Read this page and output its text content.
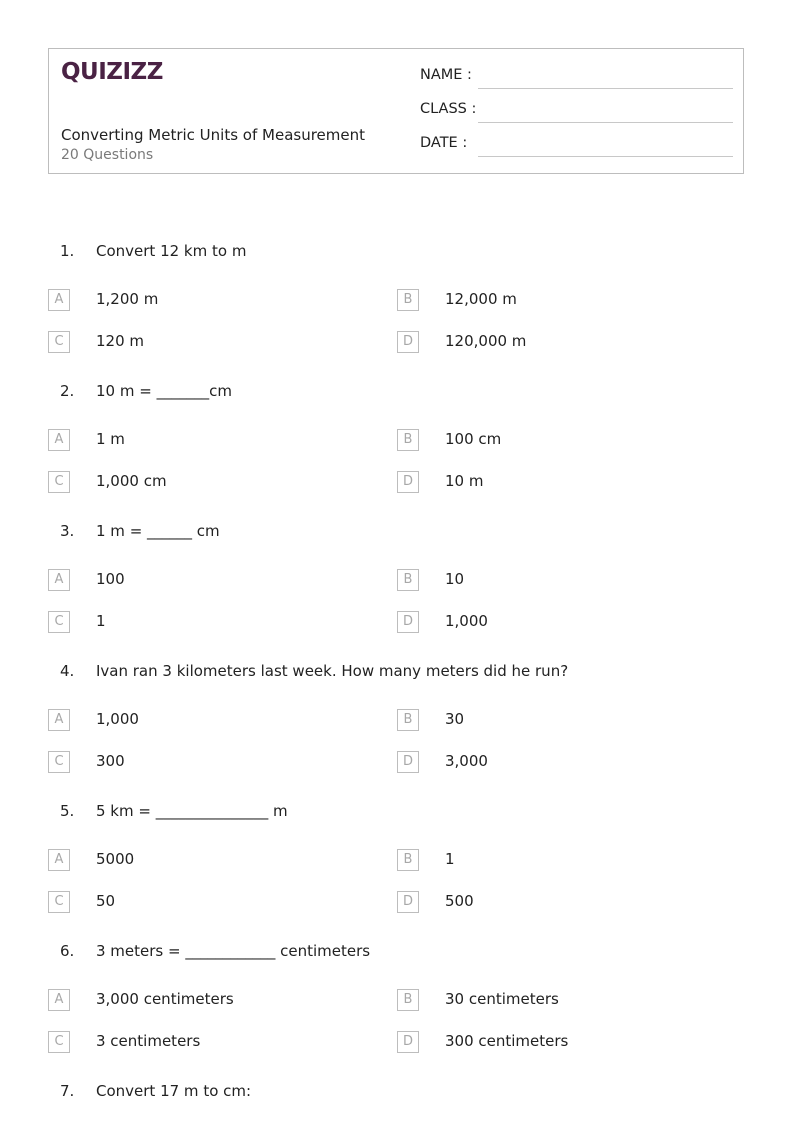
QUIZIZZ
Converting Metric Units of Measurement
20 Questions
NAME :
CLASS :
DATE :
1. Convert 12 km to m
A	1,200 m	B	12,000 m
C	120 m	D	120,000 m
2. 10 m = _______cm
A	1 m	B	100 cm
C	1,000 cm	D	10 m
3. 1 m = ______ cm
A	100	B	10
C	1	D	1,000
4. Ivan ran 3 kilometers last week. How many meters did he run?
A	1,000	B	30
C	300	D	3,000
5. 5 km = _______________ m
A	5000	B	1
C	50	D	500
6. 3 meters = ____________ centimeters
A	3,000 centimeters	B	30 centimeters
C	3 centimeters	D	300 centimeters
7. Convert 17 m to cm:
